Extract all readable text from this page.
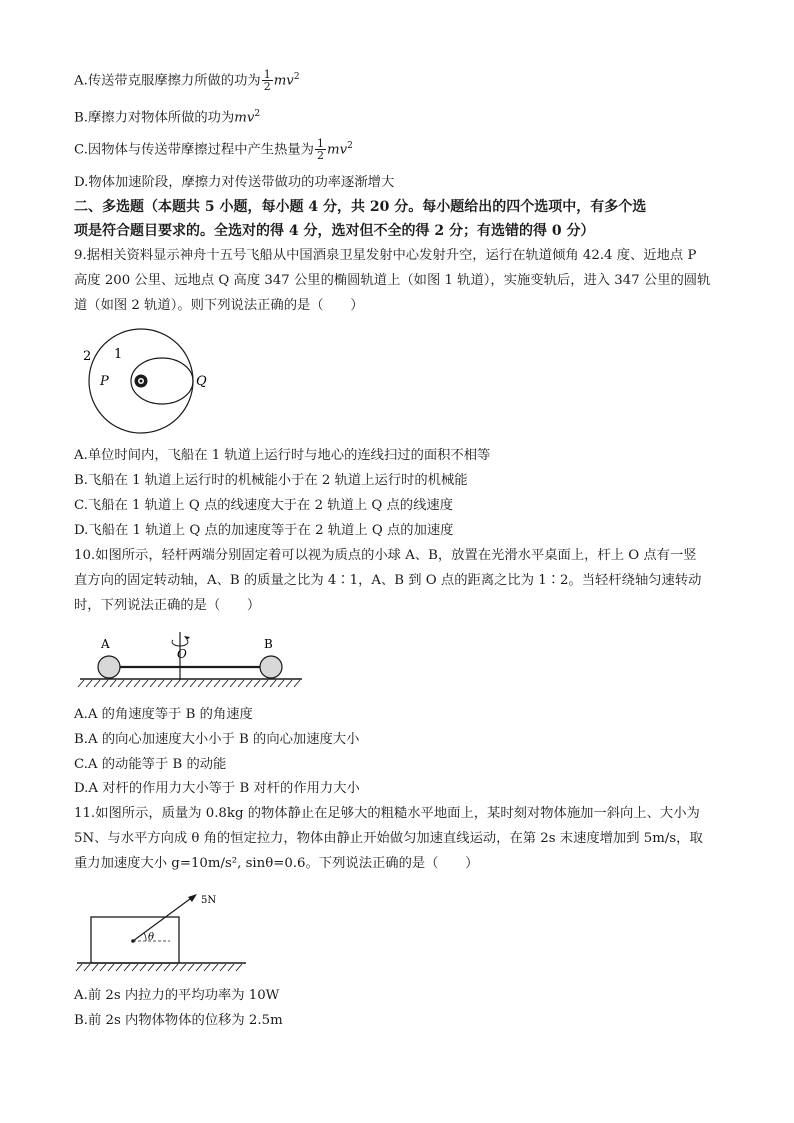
A.传送带克服摩擦力所做的功为 $\frac{1}{2} mv^2$
B.摩擦力对物体所做的功为$mv^2$
C.因物体与传送带摩擦过程中产生热量为 $\frac{1}{2} mv^2$
D.物体加速阶段，摩擦力对传送带做功的功率逐渐增大
二、多选题（本题共 5 小题，每小题 4 分，共 20 分。每小题给出的四个选项中，有多个选
项是符合题目要求的。全选对的得 4 分，选对但不全的得 2 分；有选错的得 0 分）
9.据相关资料显示神舟十五号飞船从中国酒泉卫星发射中心发射升空，运行在轨道倾角 42.4 度、近地点 P
高度 200 公里、远地点 Q 高度 347 公里的椭圆轨道上（如图 1 轨道），实施变轨后，进入 347 公里的圆轨
道（如图 2 轨道）。则下列说法正确的是（　　）
2 1
P	Q
A.单位时间内，飞船在 1 轨道上运行时与地心的连线扫过的面积不相等
B.飞船在 1 轨道上运行时的机械能小于在 2 轨道上运行时的机械能
C.飞船在 1 轨道上 Q 点的线速度大于在 2 轨道上 Q 点的线速度
D.飞船在 1 轨道上 Q 点的加速度等于在 2 轨道上 Q 点的加速度
10.如图所示，轻杆两端分别固定着可以视为质点的小球 A、B，放置在光滑水平桌面上，杆上 O 点有一竖
直方向的固定转动轴，A、B 的质量之比为 4∶1，A、B 到 O 点的距离之比为 1∶2。当轻杆绕轴匀速转动
时，下列说法正确的是（　　）
A	B
O
A.A 的角速度等于 B 的角速度
B.A 的向心加速度大小小于 B 的向心加速度大小
C.A 的动能等于 B 的动能
D.A 对杆的作用力大小等于 B 对杆的作用力大小
11.如图所示，质量为 0.8kg 的物体静止在足够大的粗糙水平地面上，某时刻对物体施加一斜向上、大小为
5N、与水平方向成 θ 角的恒定拉力，物体由静止开始做匀加速直线运动，在第 2s 末速度增加到 5m/s，取
重力加速度大小 g=10m/s², sinθ=0.6。下列说法正确的是（　　）
θ
5N
A.前 2s 内拉力的平均功率为 10W
B.前 2s 内物体物体的位移为 2.5m
